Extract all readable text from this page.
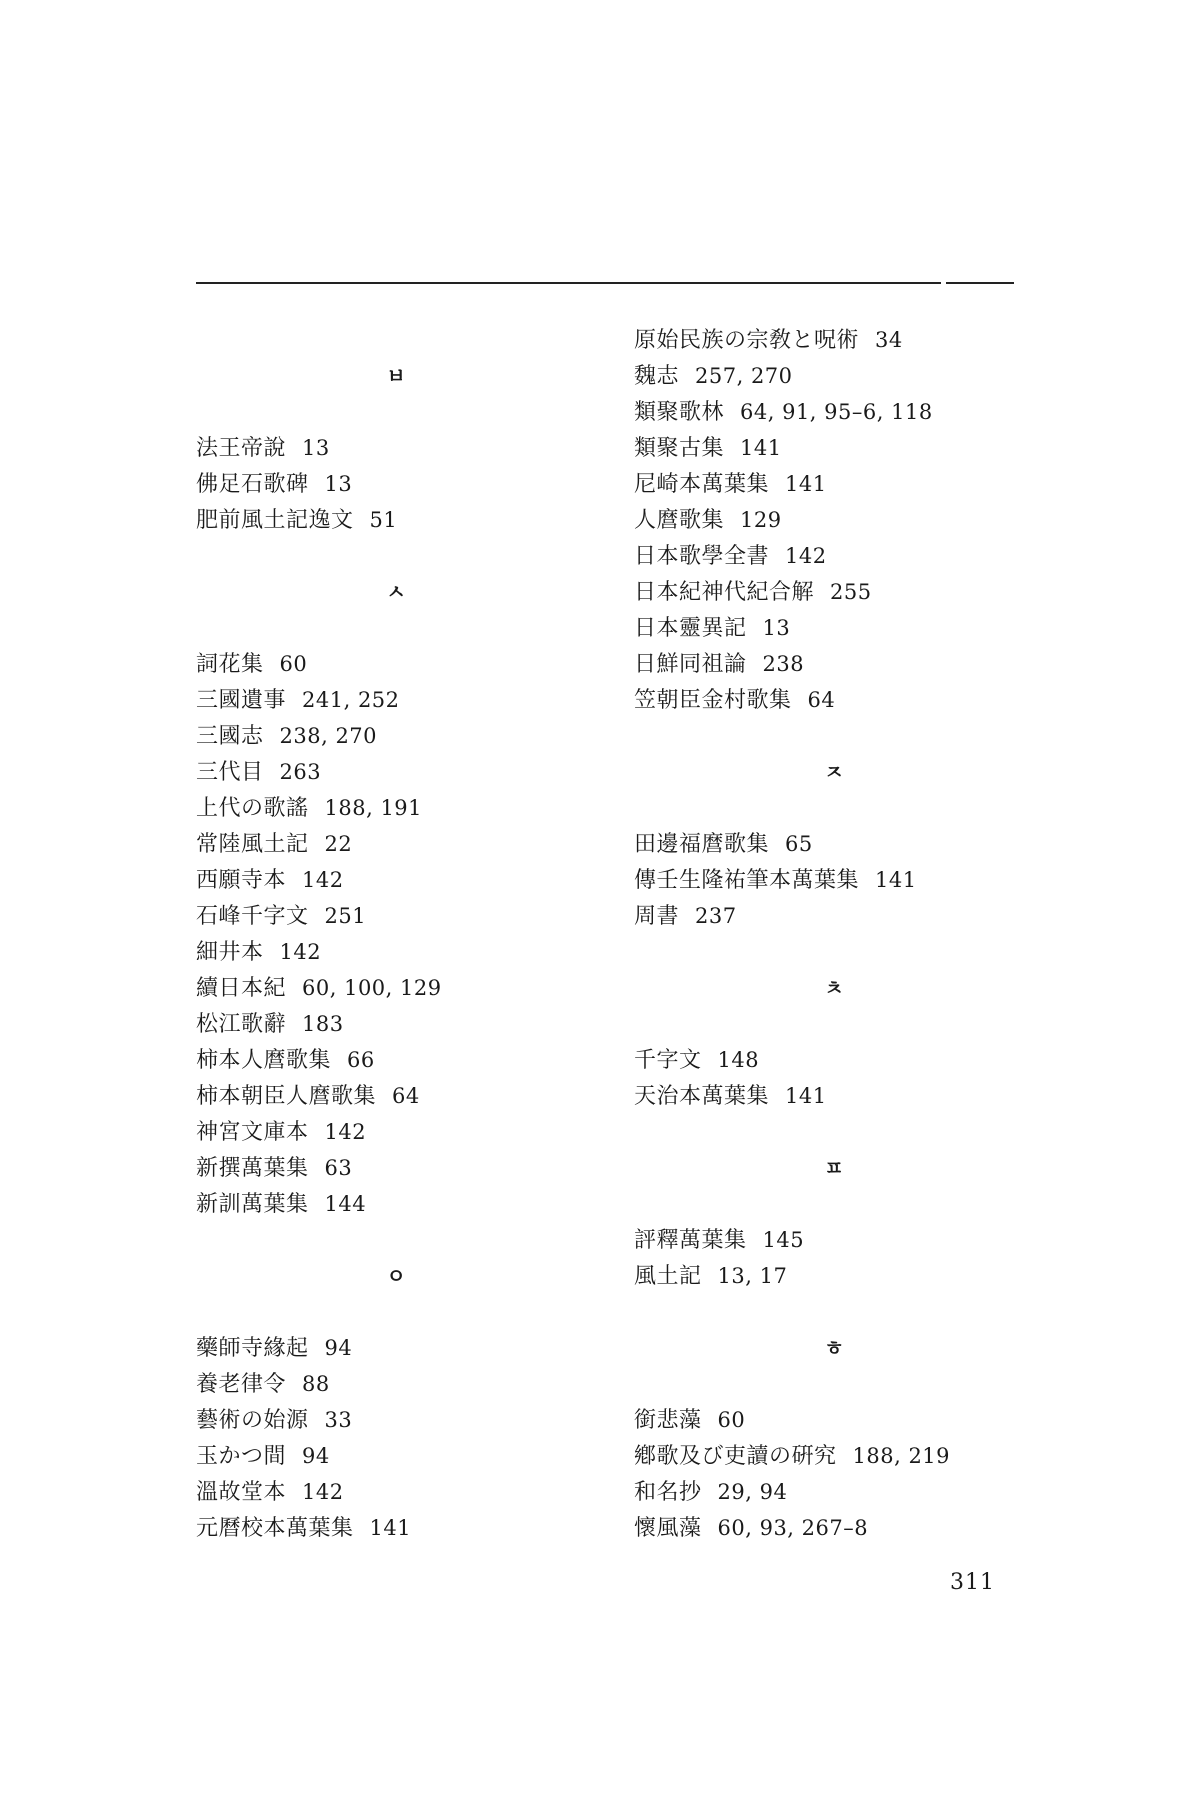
ㅂ
法王帝說 13
佛足石歌碑 13
肥前風土記逸文 51
ㅅ
詞花集 60
三國遺事 241, 252
三國志 238, 270
三代目 263
上代の歌謠 188, 191
常陸風土記 22
西願寺本 142
石峰千字文 251
細井本 142
續日本紀 60, 100, 129
松江歌辭 183
柿本人麿歌集 66
柿本朝臣人麿歌集 64
神宮文庫本 142
新撰萬葉集 63
新訓萬葉集 144
ㅇ
藥師寺緣起 94
養老律令 88
藝術の始源 33
玉かつ間 94
溫故堂本 142
元曆校本萬葉集 141
原始民族の宗敎と呪術 34
魏志 257, 270
類聚歌林 64, 91, 95–6, 118
類聚古集 141
尼崎本萬葉集 141
人麿歌集 129
日本歌學全書 142
日本紀神代紀合解 255
日本靈異記 13
日鮮同祖論 238
笠朝臣金村歌集 64
ㅈ
田邊福麿歌集 65
傳壬生隆祐筆本萬葉集 141
周書 237
ㅊ
千字文 148
天治本萬葉集 141
ㅍ
評釋萬葉集 145
風土記 13, 17
ㅎ
銜悲藻 60
鄕歌及び吏讀の硏究 188, 219
和名抄 29, 94
懷風藻 60, 93, 267–8
311
